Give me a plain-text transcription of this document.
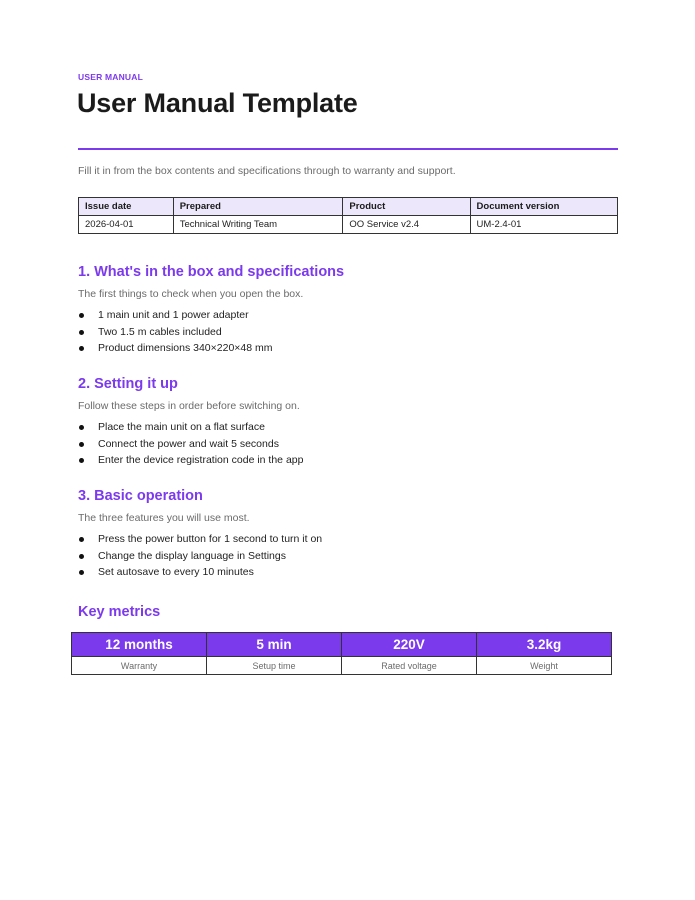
USER MANUAL
User Manual Template
Fill it in from the box contents and specifications through to warranty and support.
Issue date	Prepared	Product	Document version
2026-04-01	Technical Writing Team	OO Service v2.4	UM-2.4-01
1. What's in the box and specifications
The first things to check when you open the box.
1 main unit and 1 power adapter
Two 1.5 m cables included
Product dimensions 340×220×48 mm
2. Setting it up
Follow these steps in order before switching on.
Place the main unit on a flat surface
Connect the power and wait 5 seconds
Enter the device registration code in the app
3. Basic operation
The three features you will use most.
Press the power button for 1 second to turn it on
Change the display language in Settings
Set autosave to every 10 minutes
Key metrics
12 months	5 min	220V	3.2kg
Warranty	Setup time	Rated voltage	Weight
